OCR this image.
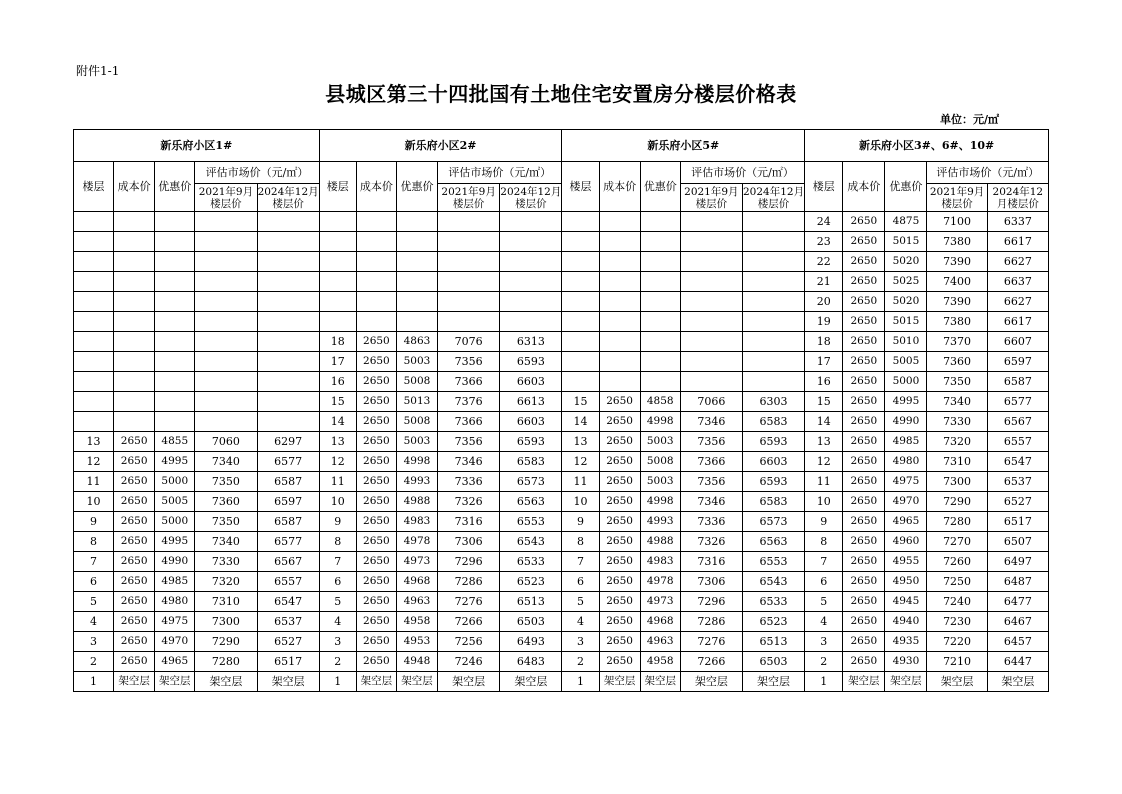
附件1-1
县城区第三十四批国有土地住宅安置房分楼层价格表
单位：元/㎡
新乐府小区1#					新乐府小区2#					新乐府小区5#					新乐府小区3#、6#、10#				
楼层	成本价	优惠价	评估市场价（元/㎡）		楼层	成本价	优惠价	评估市场价（元/㎡）		楼层	成本价	优惠价	评估市场价（元/㎡）		楼层	成本价	优惠价	评估市场价（元/㎡）	
			2021年9月楼层价	2024年12月楼层价				2021年9月楼层价	2024年12月楼层价				2021年9月楼层价	2024年12月楼层价				2021年9月楼层价	2024年12月楼层价
															24	2650	4875	7100	6337
															23	2650	5015	7380	6617
															22	2650	5020	7390	6627
															21	2650	5025	7400	6637
															20	2650	5020	7390	6627
															19	2650	5015	7380	6617
					18	2650	4863	7076	6313						18	2650	5010	7370	6607
					17	2650	5003	7356	6593						17	2650	5005	7360	6597
					16	2650	5008	7366	6603						16	2650	5000	7350	6587
					15	2650	5013	7376	6613	15	2650	4858	7066	6303	15	2650	4995	7340	6577
					14	2650	5008	7366	6603	14	2650	4998	7346	6583	14	2650	4990	7330	6567
13	2650	4855	7060	6297	13	2650	5003	7356	6593	13	2650	5003	7356	6593	13	2650	4985	7320	6557
12	2650	4995	7340	6577	12	2650	4998	7346	6583	12	2650	5008	7366	6603	12	2650	4980	7310	6547
11	2650	5000	7350	6587	11	2650	4993	7336	6573	11	2650	5003	7356	6593	11	2650	4975	7300	6537
10	2650	5005	7360	6597	10	2650	4988	7326	6563	10	2650	4998	7346	6583	10	2650	4970	7290	6527
9	2650	5000	7350	6587	9	2650	4983	7316	6553	9	2650	4993	7336	6573	9	2650	4965	7280	6517
8	2650	4995	7340	6577	8	2650	4978	7306	6543	8	2650	4988	7326	6563	8	2650	4960	7270	6507
7	2650	4990	7330	6567	7	2650	4973	7296	6533	7	2650	4983	7316	6553	7	2650	4955	7260	6497
6	2650	4985	7320	6557	6	2650	4968	7286	6523	6	2650	4978	7306	6543	6	2650	4950	7250	6487
5	2650	4980	7310	6547	5	2650	4963	7276	6513	5	2650	4973	7296	6533	5	2650	4945	7240	6477
4	2650	4975	7300	6537	4	2650	4958	7266	6503	4	2650	4968	7286	6523	4	2650	4940	7230	6467
3	2650	4970	7290	6527	3	2650	4953	7256	6493	3	2650	4963	7276	6513	3	2650	4935	7220	6457
2	2650	4965	7280	6517	2	2650	4948	7246	6483	2	2650	4958	7266	6503	2	2650	4930	7210	6447
1	架空层	架空层	架空层	架空层	1	架空层	架空层	架空层	架空层	1	架空层	架空层	架空层	架空层	1	架空层	架空层	架空层	架空层
